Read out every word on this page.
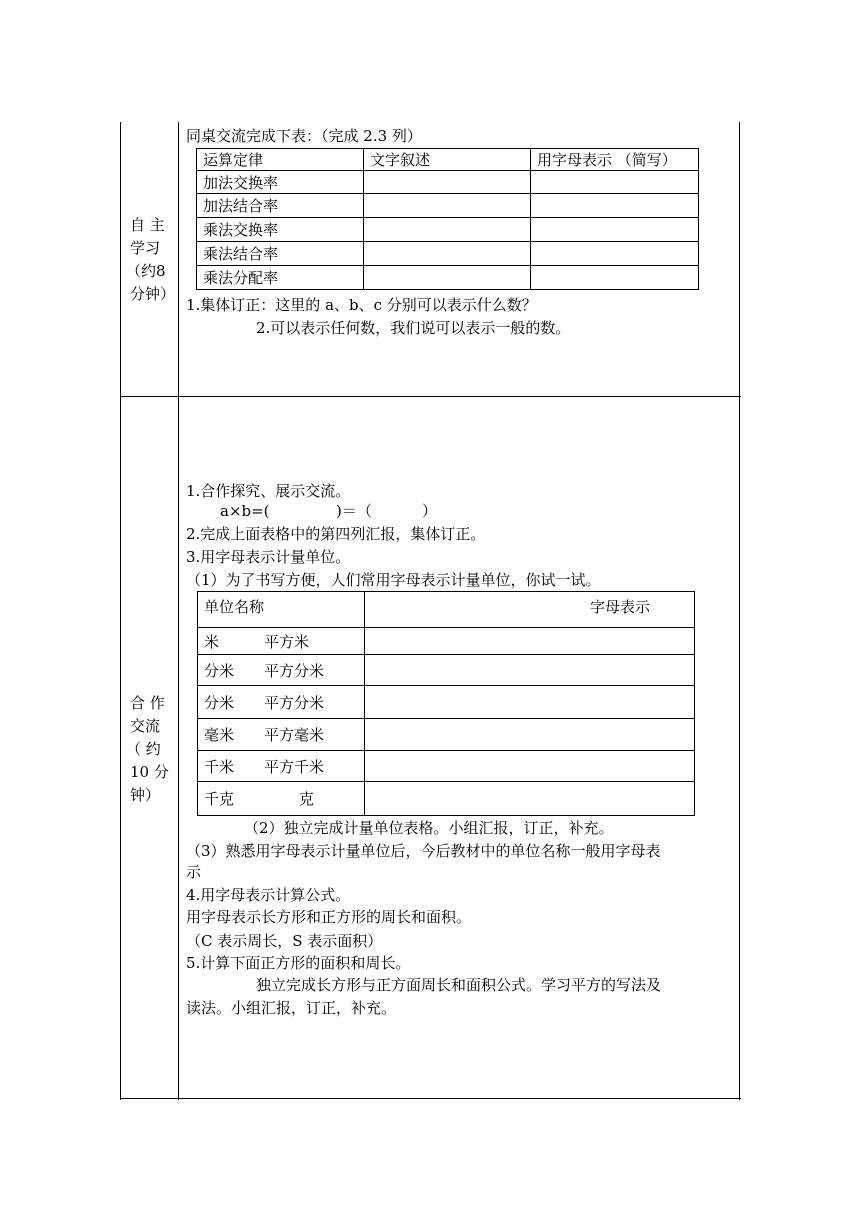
自 主
学习
（约8
分钟）
同桌交流完成下表：（完成 2.3 列）
运算定律	文字叙述	用字母表示 （简写）
加法交换率		
加法结合率		
乘法交换率		
乘法结合率		
乘法分配率		
1.集体订正：这里的 a、b、c 分别可以表示什么数？
2.可以表示任何数，我们说可以表示一般的数。
合 作
交流
（ 约
10 分
钟）
1.合作探究、展示交流。
a×b=(	)＝（	）
2.完成上面表格中的第四列汇报，集体订正。
3.用字母表示计量单位。
（1）为了书写方便，人们常用字母表示计量单位，你试一试。
单位名称	字母表示
米 平方米	
分米 平方分米	
分米 平方分米	
毫米 平方毫米	
千米 平方千米	
千克 克	
（2）独立完成计量单位表格。小组汇报，订正，补充。
（3）熟悉用字母表示计量单位后，今后教材中的单位名称一般用字母表
示
4.用字母表示计算公式。
用字母表示长方形和正方形的周长和面积。
（C 表示周长，S 表示面积）
5.计算下面正方形的面积和周长。
独立完成长方形与正方面周长和面积公式。学习平方的写法及
读法。小组汇报，订正，补充。
